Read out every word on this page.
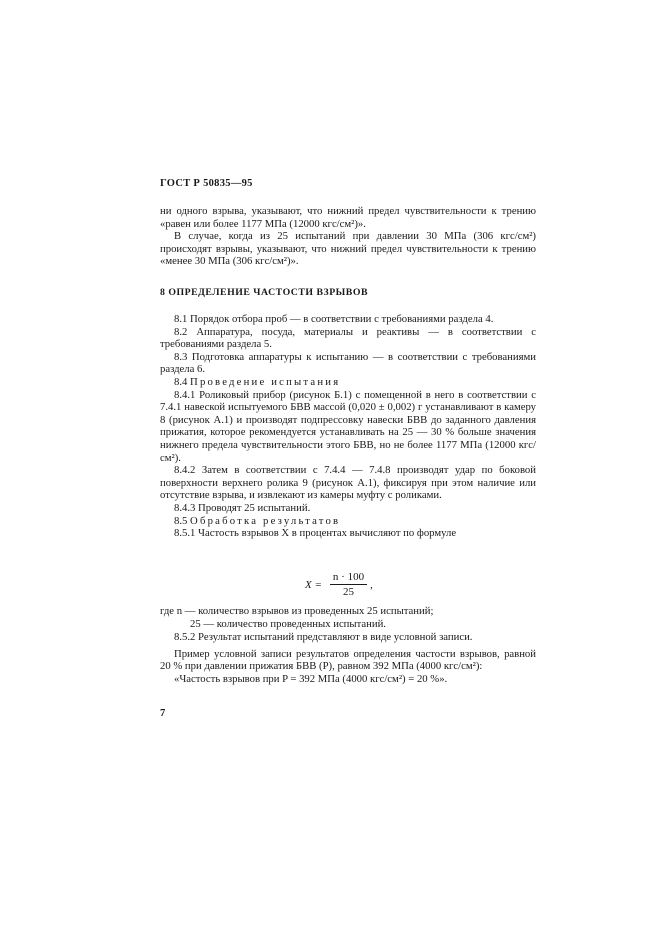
ГОСТ Р 50835—95

ни одного взрыва, указывают, что нижний предел чувствительности к трению «равен или более 1177 МПа (12000 кгс/см²)».

В случае, когда из 25 испытаний при давлении 30 МПа (306 кгс/см²) происходят взрывы, указывают, что нижний предел чувствительности к трению «менее 30 МПа (306 кгс/см²)».

8 ОПРЕДЕЛЕНИЕ ЧАСТОСТИ ВЗРЫВОВ

8.1 Порядок отбора проб — в соответствии с требованиями раздела 4.

8.2 Аппаратура, посуда, материалы и реактивы — в соответствии с требованиями раздела 5.

8.3 Подготовка аппаратуры к испытанию — в соответствии с требованиями раздела 6.

8.4 Проведение испытания

8.4.1 Роликовый прибор (рисунок Б.1) с помещенной в него в соответствии с 7.4.1 навеской испытуемого БВВ массой (0,020 ± 0,002) г устанавливают в камеру 8 (рисунок А.1) и производят подпрессовку навески БВВ до заданного давления прижатия, которое рекомендуется устанавливать на 25 — 30 % больше значения нижнего предела чувствительности этого БВВ, но не более 1177 МПа (12000 кгс/см²).

8.4.2 Затем в соответствии с 7.4.4 — 7.4.8 производят удар по боковой поверхности верхнего ролика 9 (рисунок А.1), фиксируя при этом наличие или отсутствие взрыва, и извлекают из камеры муфту с роликами.

8.4.3 Проводят 25 испытаний.

8.5 Обработка результатов

8.5.1 Частость взрывов X в процентах вычисляют по формуле

$X = \frac{n \cdot 100}{25}$ ,

где n — количество взрывов из проведенных 25 испытаний;

25 — количество проведенных испытаний.

8.5.2 Результат испытаний представляют в виде условной записи.

Пример условной записи результатов определения частости взрывов, равной 20 % при давлении прижатия БВВ (P), равном 392 МПа (4000 кгс/см²):

«Частость взрывов при P = 392 МПа (4000 кгс/см²) = 20 %».

7
